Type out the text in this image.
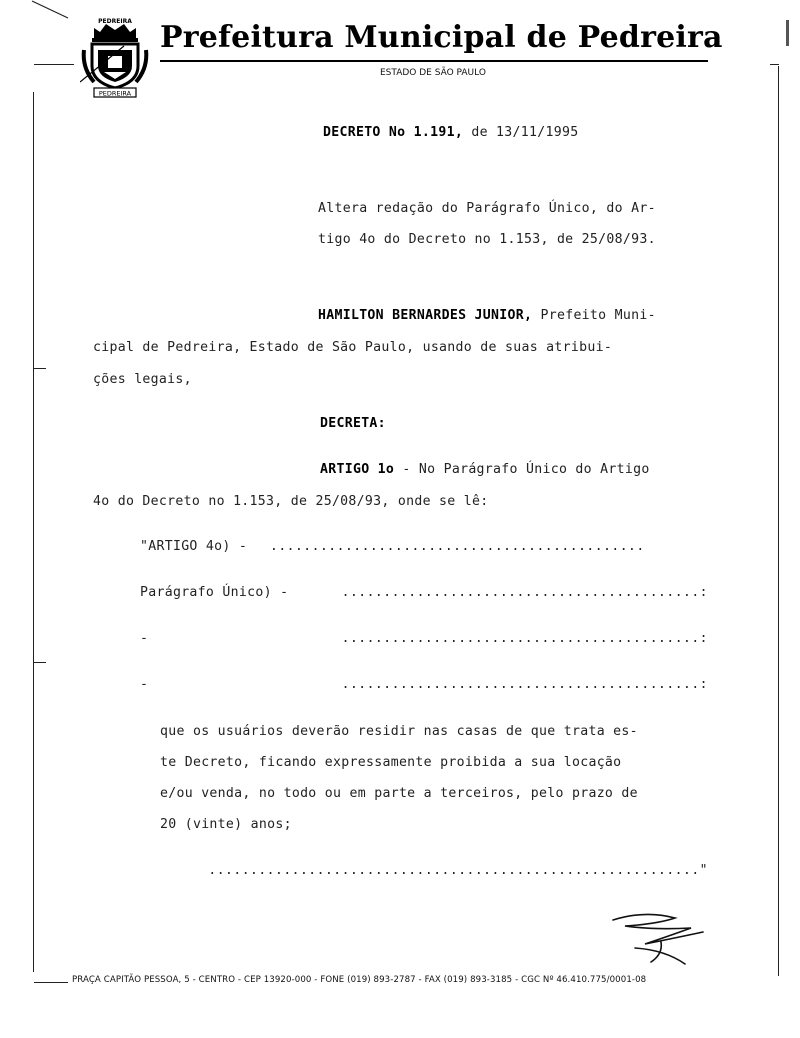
PEDREIRA
PEDREIRA Prefeitura Municipal de Pedreira
ESTADO DE SÃO PAULO
DECRETO No 1.191, de 13/11/1995
Altera redação do Parágrafo Único, do Ar-
tigo 4o do Decreto no 1.153, de 25/08/93.
HAMILTON BERNARDES JUNIOR, Prefeito Muni-
cipal de Pedreira, Estado de São Paulo, usando de suas atribui-
ções legais,
DECRETA:
ARTIGO 1o - No Parágrafo Único do Artigo
4o do Decreto no 1.153, de 25/08/93, onde se lê:
"ARTIGO 4o) - .............................................
Parágrafo Único) -	...........................................:
-	...........................................:
-	...........................................:
que os usuários deverão residir nas casas de que trata es-
te Decreto, ficando expressamente proibida a sua locação
e/ou venda, no todo ou em parte a terceiros, pelo prazo de
20 (vinte) anos;
..........................................................."
PRAÇA CAPITÃO PESSOA, 5 - CENTRO - CEP 13920-000 - FONE (019) 893-2787 - FAX (019) 893-3185 - CGC Nº 46.410.775/0001-08
